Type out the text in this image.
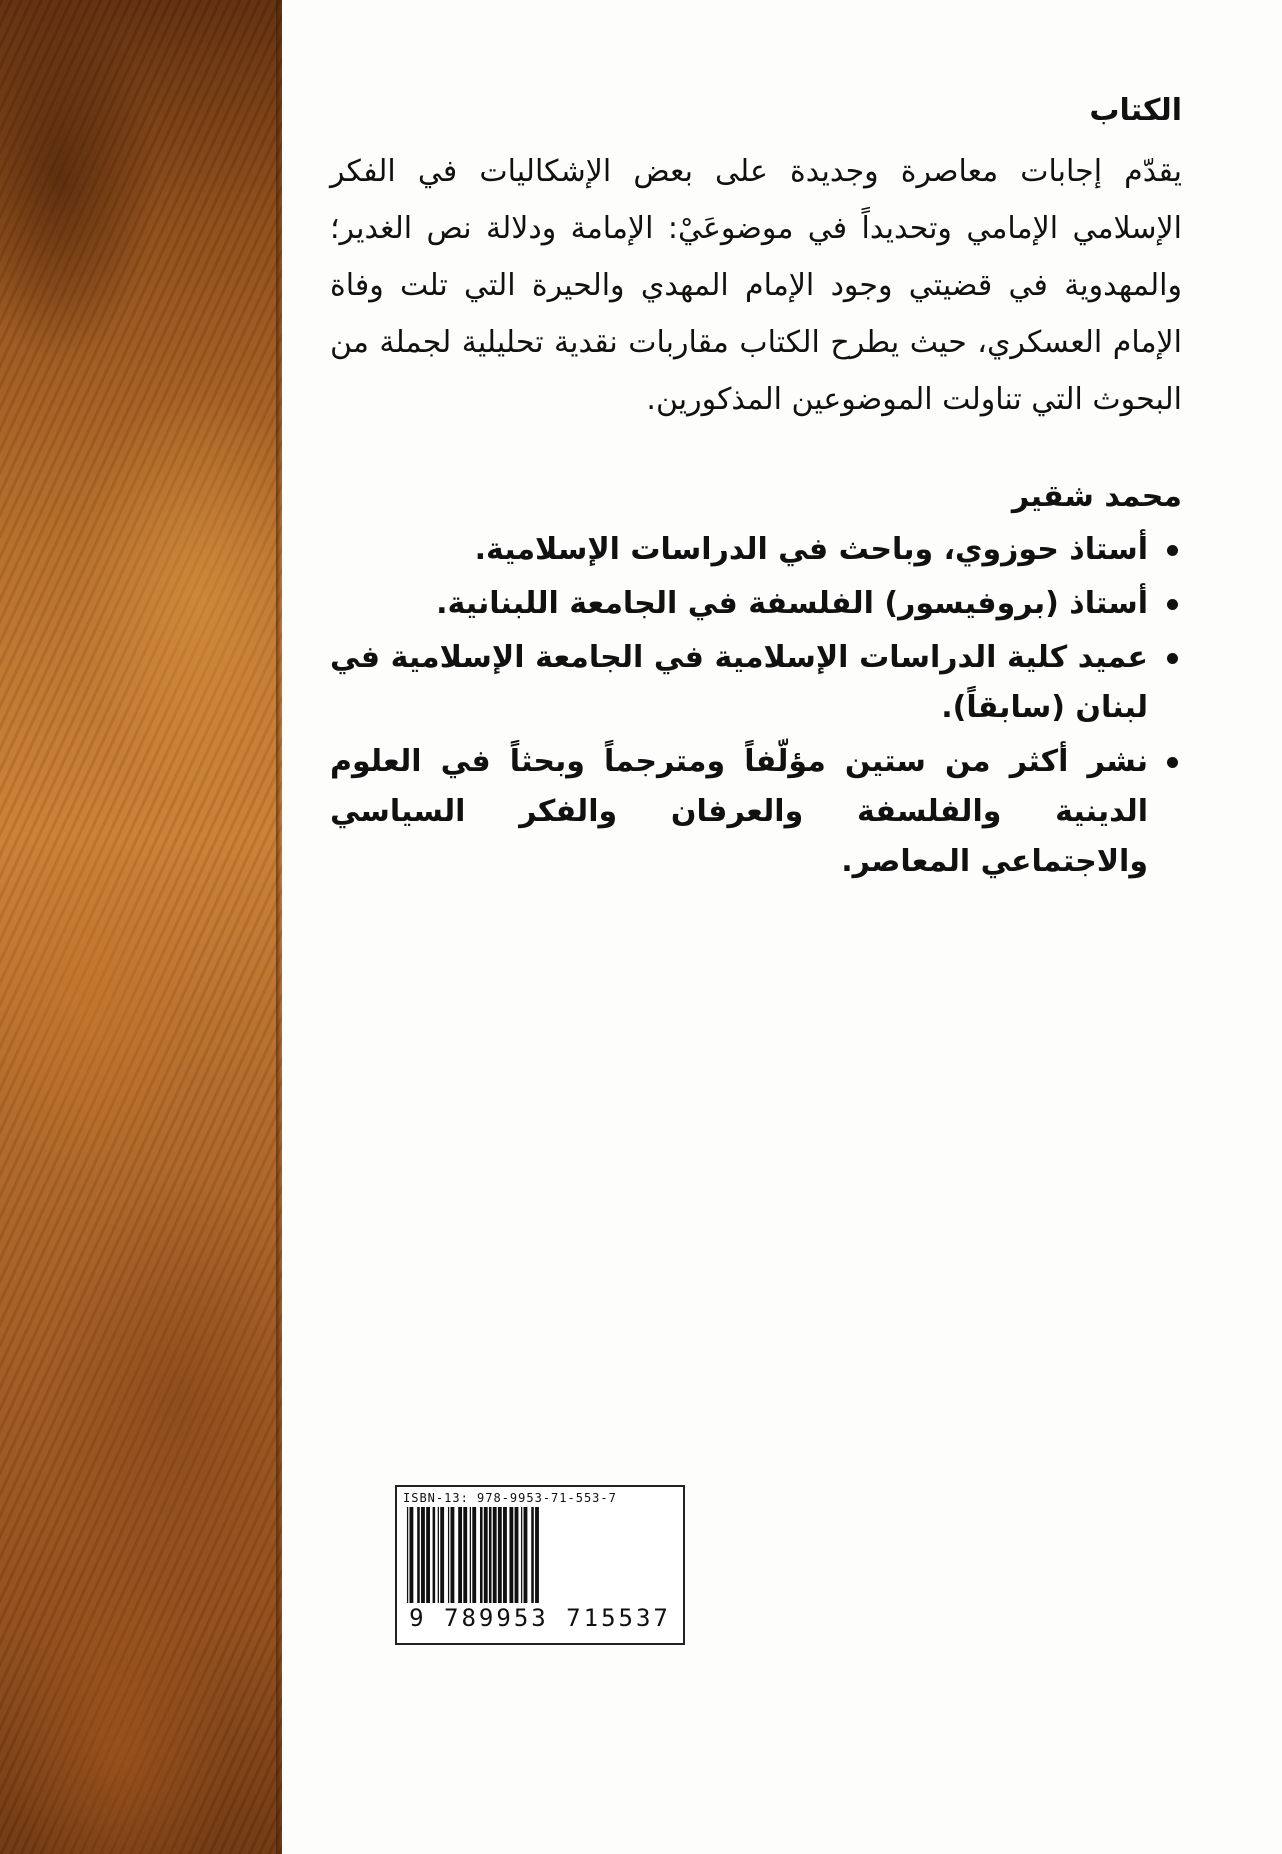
الكتاب

يقدّم إجابات معاصرة وجديدة على بعض الإشكاليات في الفكر الإسلامي الإمامي وتحديداً في موضوعَيْ: الإمامة ودلالة نص الغدير؛ والمهدوية في قضيتي وجود الإمام المهدي والحيرة التي تلت وفاة الإمام العسكري، حيث يطرح الكتاب مقاربات نقدية تحليلية لجملة من البحوث التي تناولت الموضوعين المذكورين.

محمد شقير
أستاذ حوزوي، وباحث في الدراسات الإسلامية.
أستاذ (بروفيسور) الفلسفة في الجامعة اللبنانية.
عميد كلية الدراسات الإسلامية في الجامعة الإسلامية في لبنان (سابقاً).
نشر أكثر من ستين مؤلّفاً ومترجماً وبحثاً في العلوم الدينية والفلسفة والعرفان والفكر السياسي والاجتماعي المعاصر.
ISBN-13: 978-9953-71-553-7
9 789953 715537
